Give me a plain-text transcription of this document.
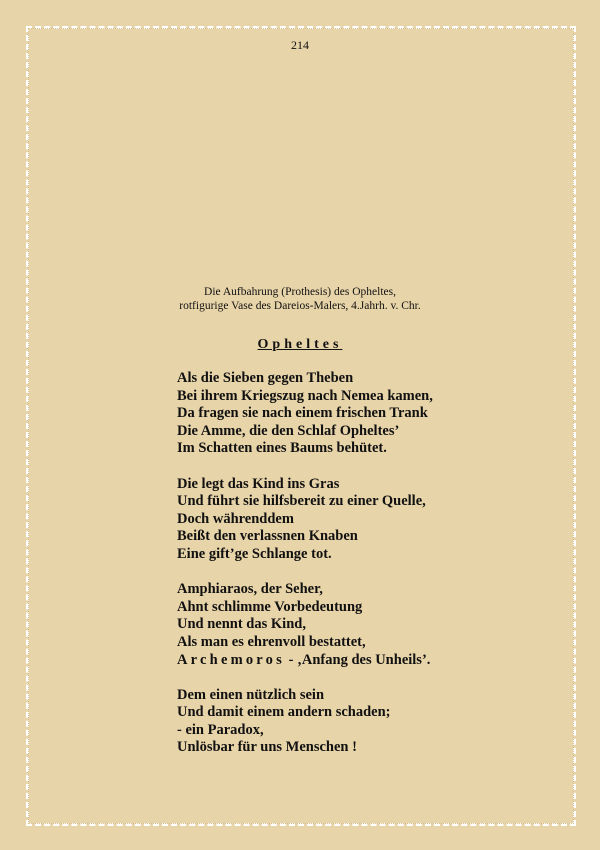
214
Die Aufbahrung (Prothesis) des Opheltes,
rotfigurige Vase des Dareios-Malers, 4.Jahrh. v. Chr.
Opheltes
Als die Sieben gegen Theben
Bei ihrem Kriegszug nach Nemea kamen,
Da fragen sie nach einem frischen Trank
Die Amme, die den Schlaf Opheltes’
Im Schatten eines Baums behütet.
Die legt das Kind ins Gras
Und führt sie hilfsbereit zu einer Quelle,
Doch währenddem
Beißt den verlassnen Knaben
Eine gift’ge Schlange tot.
Amphiaraos, der Seher,
Ahnt schlimme Vorbedeutung
Und nennt das Kind,
Als man es ehrenvoll bestattet,
Archemoros - ‚Anfang des Unheils’.
Dem einen nützlich sein
Und damit einem andern schaden;
- ein Paradox,
Unlösbar für uns Menschen !
